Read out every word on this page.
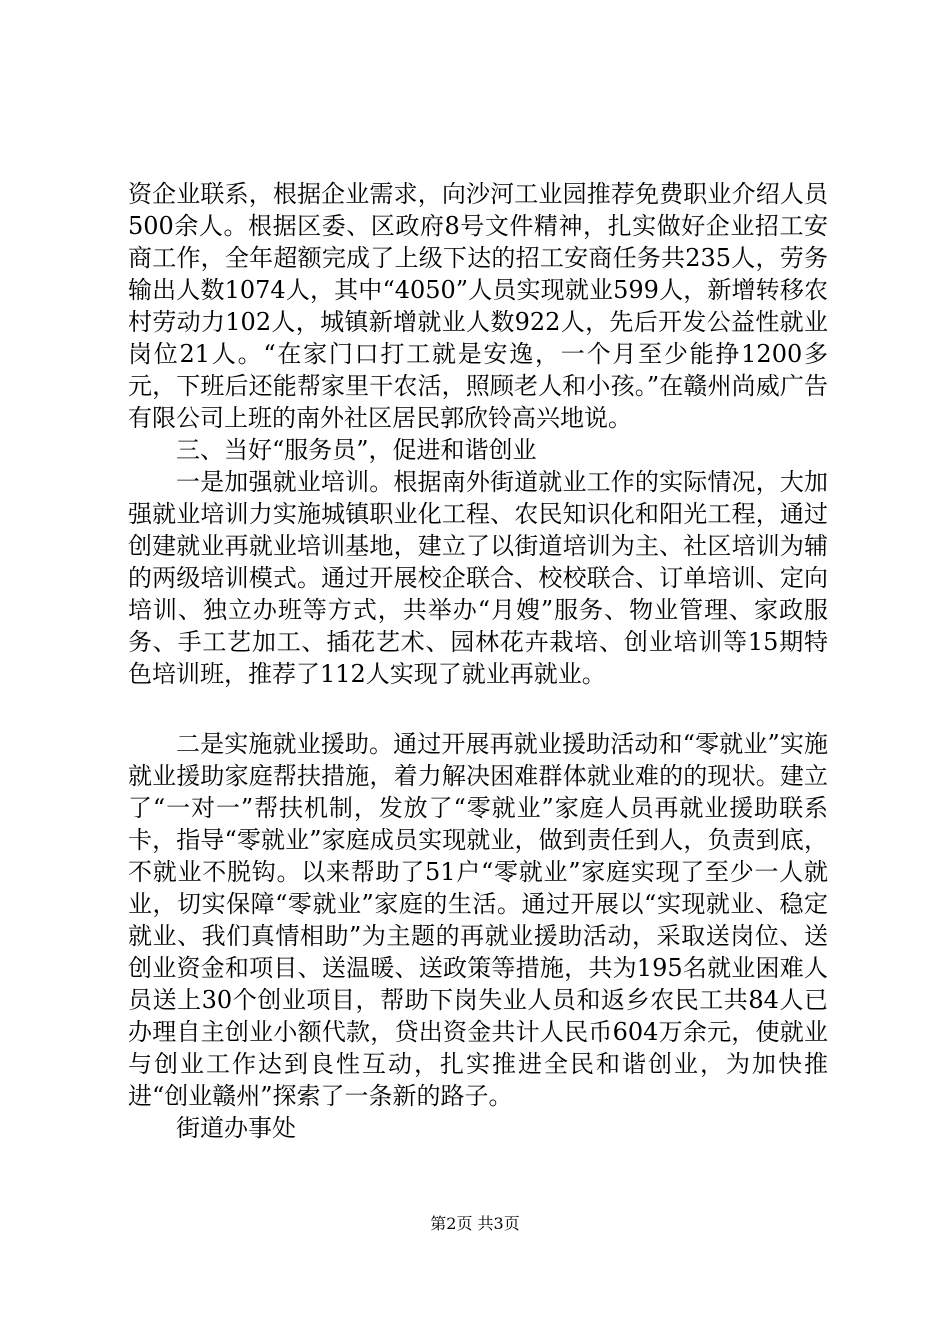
资企业联系，根据企业需求，向沙河工业园推荐免费职业介绍人员500余人。根据区委、区政府8号文件精神，扎实做好企业招工安商工作，全年超额完成了上级下达的招工安商任务共235人，劳务输出人数1074人，其中“4050”人员实现就业599人，新增转移农村劳动力102人，城镇新增就业人数922人，先后开发公益性就业岗位21人。“在家门口打工就是安逸，一个月至少能挣1200多元，下班后还能帮家里干农活，照顾老人和小孩。”在赣州尚威广告有限公司上班的南外社区居民郭欣铃高兴地说。

三、当好“服务员”，促进和谐创业

一是加强就业培训。根据南外街道就业工作的实际情况，大加强就业培训力实施城镇职业化工程、农民知识化和阳光工程，通过创建就业再就业培训基地，建立了以街道培训为主、社区培训为辅的两级培训模式。通过开展校企联合、校校联合、订单培训、定向培训、独立办班等方式，共举办“月嫂”服务、物业管理、家政服务、手工艺加工、插花艺术、园林花卉栽培、创业培训等15期特色培训班，推荐了112人实现了就业再就业。

二是实施就业援助。通过开展再就业援助活动和“零就业”实施就业援助家庭帮扶措施，着力解决困难群体就业难的的现状。建立了“一对一”帮扶机制，发放了“零就业”家庭人员再就业援助联系卡，指导“零就业”家庭成员实现就业，做到责任到人，负责到底，不就业不脱钩。以来帮助了51户“零就业”家庭实现了至少一人就业，切实保障“零就业”家庭的生活。通过开展以“实现就业、稳定就业、我们真情相助”为主题的再就业援助活动，采取送岗位、送创业资金和项目、送温暖、送政策等措施，共为195名就业困难人员送上30个创业项目，帮助下岗失业人员和返乡农民工共84人已办理自主创业小额代款，贷出资金共计人民币604万余元，使就业与创业工作达到良性互动，扎实推进全民和谐创业，为加快推进“创业赣州”探索了一条新的路子。

街道办事处

第2页 共3页
